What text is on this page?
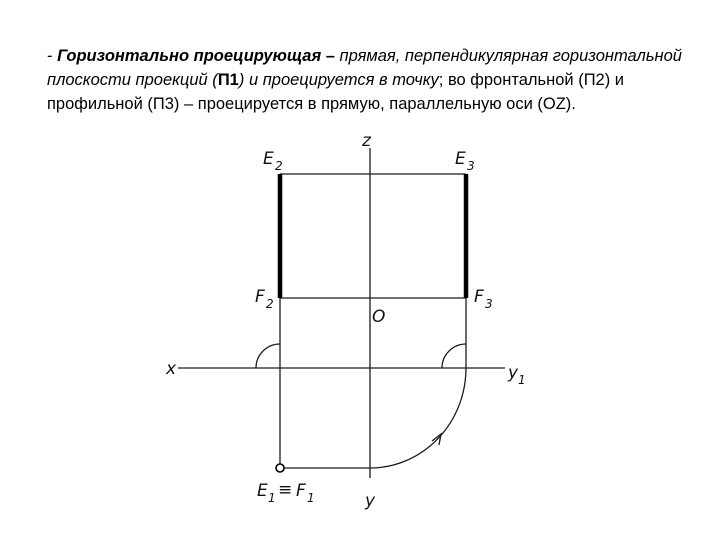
- Горизонтально проецирующая – прямая, перпендикулярная горизонтальной плоскости проекций (П1) и проецируется в точку; во фронтальной (П2) и профильной (П3) – проецируется в прямую, параллельную оси (OZ).
z
x	y 1
y
O
E 2	E 3
F 2	F 3
E 1 ≡ F 1
